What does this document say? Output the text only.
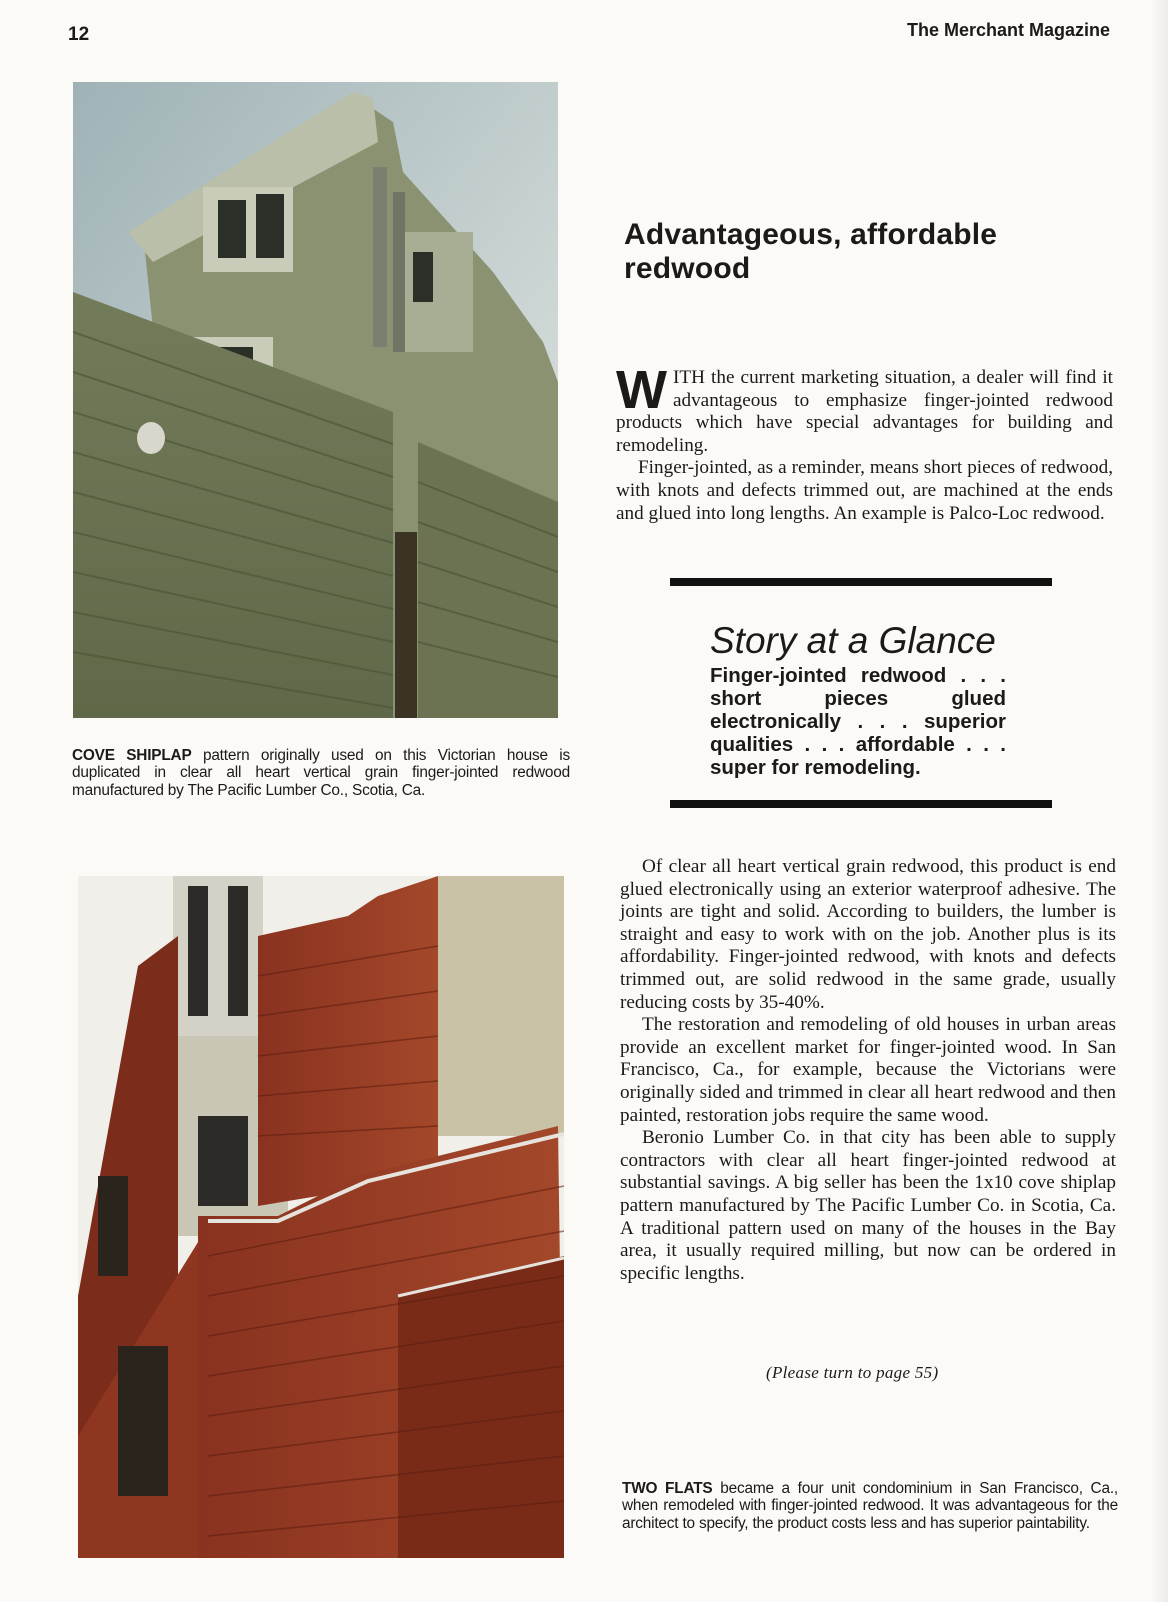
12	The Merchant Magazine
Advantageous, affordable redwood

WITH the current marketing situation, a dealer will find it advantageous to emphasize finger-jointed redwood products which have special advantages for building and remodeling.

Finger-jointed, as a reminder, means short pieces of redwood, with knots and defects trimmed out, are machined at the ends and glued into long lengths. An example is Palco-Loc redwood.

COVE SHIPLAP pattern originally used on this Victorian house is duplicated in clear all heart vertical grain finger-jointed redwood manufactured by The Pacific Lumber Co., Scotia, Ca.
Story at a Glance
Finger-jointed redwood . . . short pieces glued electronically . . . superior qualities . . . affordable . . . super for remodeling.

Of clear all heart vertical grain redwood, this product is end glued electronically using an exterior waterproof adhesive. The joints are tight and solid. According to builders, the lumber is straight and easy to work with on the job. Another plus is its affordability. Finger-jointed redwood, with knots and defects trimmed out, are solid redwood in the same grade, usually reducing costs by 35-40%.

The restoration and remodeling of old houses in urban areas provide an excellent market for finger-jointed wood. In San Francisco, Ca., for example, because the Victorians were originally sided and trimmed in clear all heart redwood and then painted, restoration jobs require the same wood.

Beronio Lumber Co. in that city has been able to supply contractors with clear all heart finger-jointed redwood at substantial savings. A big seller has been the 1x10 cove shiplap pattern manufactured by The Pacific Lumber Co. in Scotia, Ca. A traditional pattern used on many of the houses in the Bay area, it usually required milling, but now can be ordered in specific lengths.

(Please turn to page 55)
TWO FLATS became a four unit condominium in San Francisco, Ca., when remodeled with finger-jointed redwood. It was advantageous for the architect to specify, the product costs less and has superior paintability.
